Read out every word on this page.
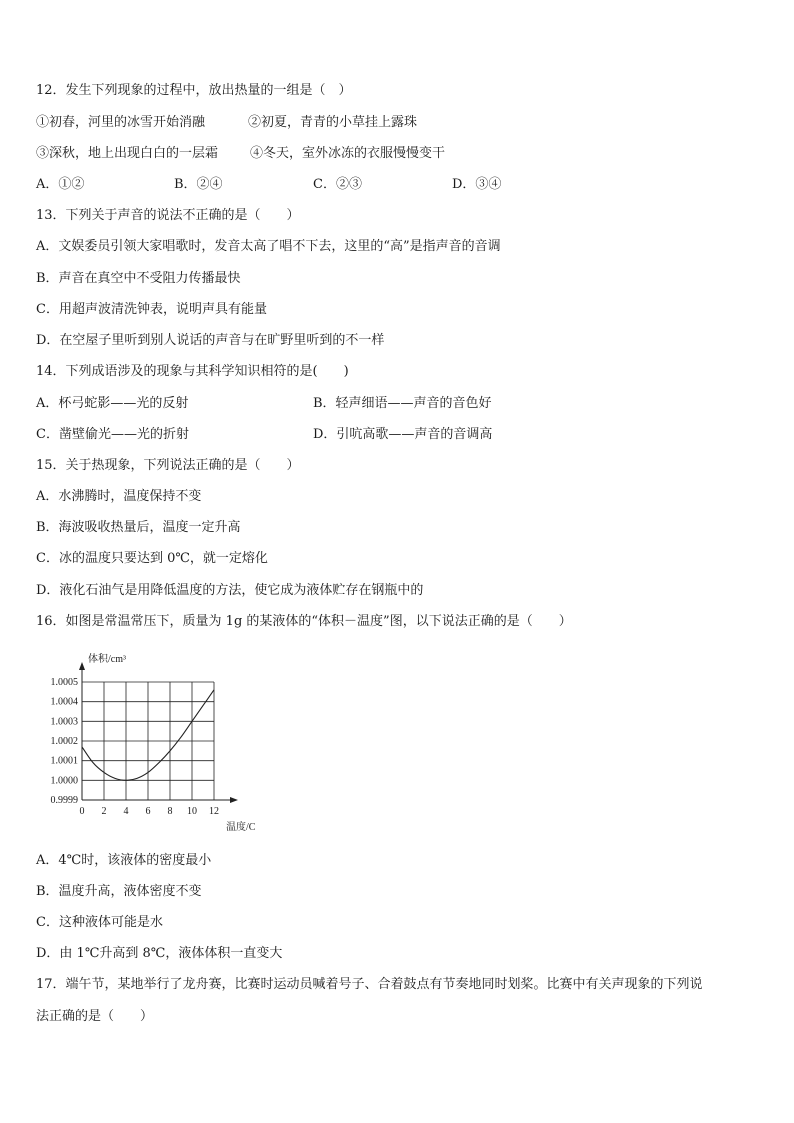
12．发生下列现象的过程中，放出热量的一组是（　）
①初春，河里的冰雪开始消融	②初夏，青青的小草挂上露珠
③深秋，地上出现白白的一层霜 ④冬天，室外冰冻的衣服慢慢变干
A．①②	B．②④	C．②③	D．③④
13．下列关于声音的说法不正确的是（　　）
A．文娱委员引领大家唱歌时，发音太高了唱不下去，这里的“高”是指声音的音调
B．声音在真空中不受阻力传播最快
C．用超声波清洗钟表，说明声具有能量
D．在空屋子里听到别人说话的声音与在旷野里听到的不一样
14．下列成语涉及的现象与其科学知识相符的是(　　)
A．杯弓蛇影——光的反射	B．轻声细语——声音的音色好
C．凿壁偷光——光的折射	D．引吭高歌——声音的音调高
15．关于热现象，下列说法正确的是（　　）
A．水沸腾时，温度保持不变
B．海波吸收热量后，温度一定升高
C．冰的温度只要达到 0℃，就一定熔化
D．液化石油气是用降低温度的方法，使它成为液体贮存在钢瓶中的
16．如图是常温常压下，质量为 1g 的某液体的“体积－温度”图，以下说法正确的是（　　）
0.9999
1.0000
1.0001
1.0002
1.0003
1.0004
1.0005
0 2 4 6 8 10 12
体积/cm³
温度/C
A．4℃时，该液体的密度最小
B．温度升高，液体密度不变
C．这种液体可能是水
D．由 1℃升高到 8℃，液体体积一直变大
17．端午节，某地举行了龙舟赛，比赛时运动员喊着号子、合着鼓点有节奏地同时划桨。比赛中有关声现象的下列说
法正确的是（　　）
